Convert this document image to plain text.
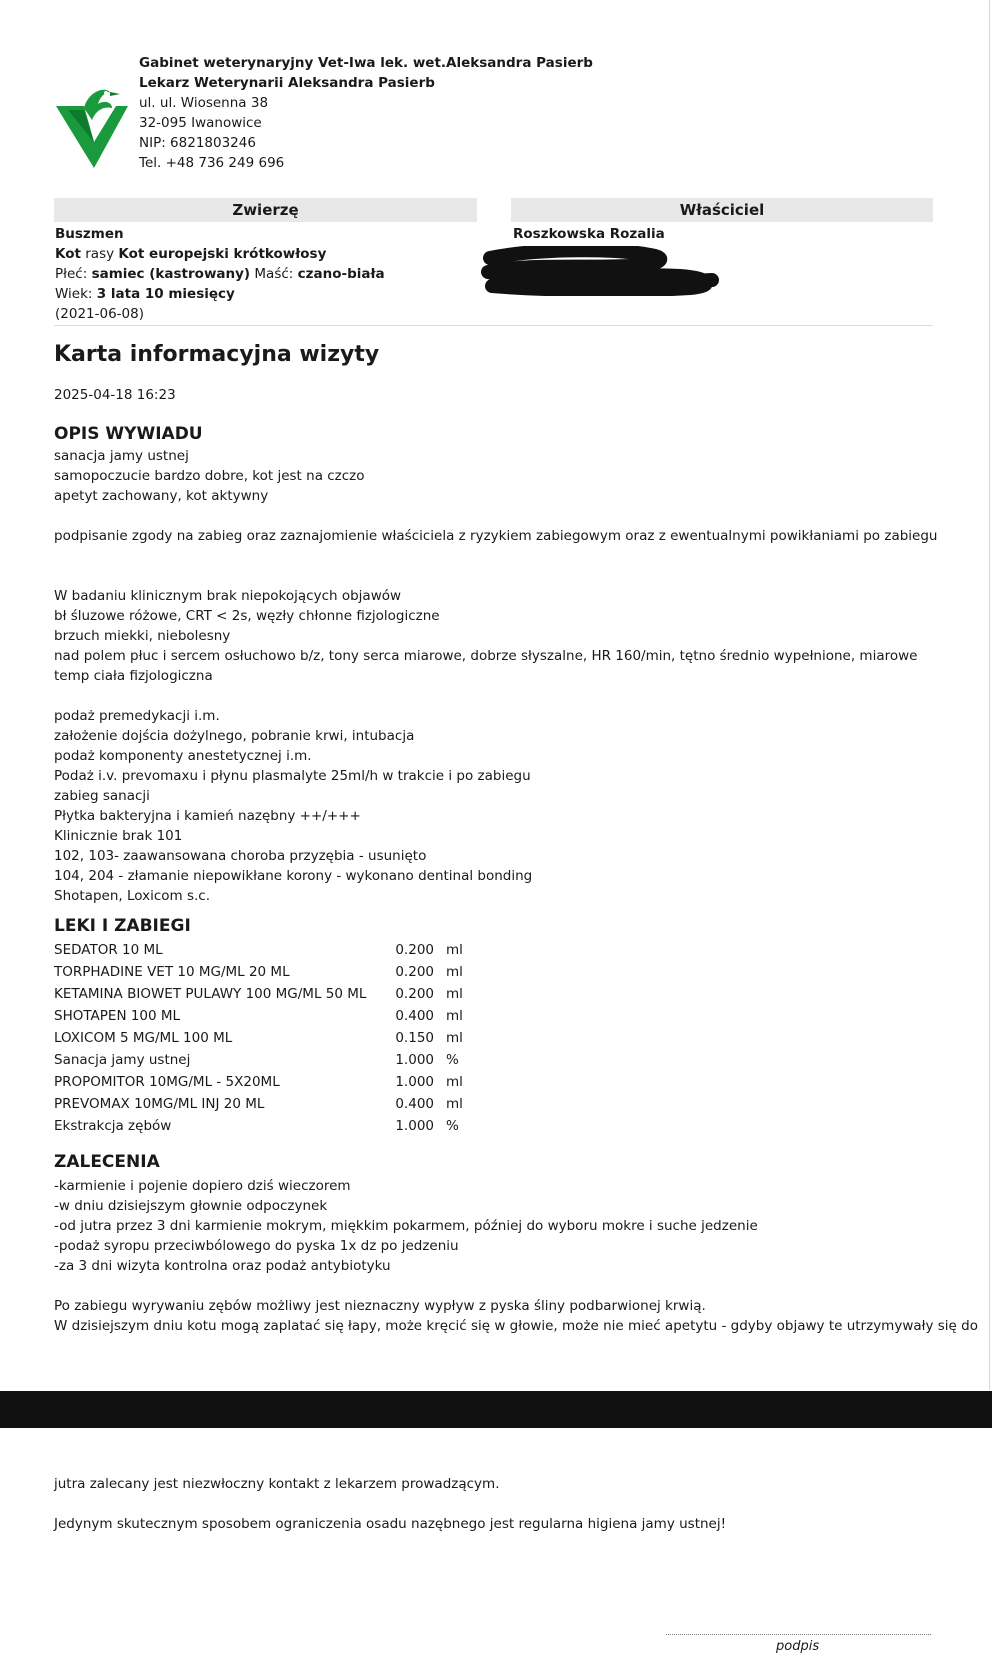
Gabinet weterynaryjny Vet-Iwa lek. wet.Aleksandra Pasierb
Lekarz Weterynarii Aleksandra Pasierb
ul. ul. Wiosenna 38
32-095 Iwanowice
NIP: 6821803246
Tel. +48 736 249 696
Zwierzę
Buszmen
Kot rasy Kot europejski krótkowłosy
Płeć: samiec (kastrowany) Maść: czano-biała
Wiek: 3 lata 10 miesięcy
(2021-06-08)
Właściciel
Roszkowska Rozalia
Karta informacyjna wizyty
2025-04-18 16:23
OPIS WYWIADU
sanacja jamy ustnej
samopoczucie bardzo dobre, kot jest na czczo
apetyt zachowany, kot aktywny

podpisanie zgody na zabieg oraz zaznajomienie właściciela z ryzykiem zabiegowym oraz z ewentualnymi powikłaniami po zabiegu

W badaniu klinicznym brak niepokojących objawów
bł śluzowe różowe, CRT < 2s, węzły chłonne fizjologiczne
brzuch miekki, niebolesny
nad polem płuc i sercem osłuchowo b/z, tony serca miarowe, dobrze słyszalne, HR 160/min, tętno średnio wypełnione, miarowe
temp ciała fizjologiczna

podaż premedykacji i.m.
założenie dojścia dożylnego, pobranie krwi, intubacja
podaż komponenty anestetycznej i.m.
Podaż i.v. prevomaxu i płynu plasmalyte 25ml/h w trakcie i po zabiegu
zabieg sanacji
Płytka bakteryjna i kamień nazębny ++/+++
Klinicznie brak 101
102, 103- zaawansowana choroba przyzębia - usunięto
104, 204 - złamanie niepowikłane korony - wykonano dentinal bonding
Shotapen, Loxicom s.c.
LEKI I ZABIEGI
SEDATOR 10 ML	0.200	ml
TORPHADINE VET 10 MG/ML 20 ML	0.200	ml
KETAMINA BIOWET PULAWY 100 MG/ML 50 ML	0.200	ml
SHOTAPEN 100 ML	0.400	ml
LOXICOM 5 MG/ML 100 ML	0.150	ml
Sanacja jamy ustnej	1.000	%
PROPOMITOR 10MG/ML - 5X20ML	1.000	ml
PREVOMAX 10MG/ML INJ 20 ML	0.400	ml
Ekstrakcja zębów	1.000	%
ZALECENIA
-karmienie i pojenie dopiero dziś wieczorem
-w dniu dzisiejszym głownie odpoczynek
-od jutra przez 3 dni karmienie mokrym, miękkim pokarmem, później do wyboru mokre i suche jedzenie
-podaż syropu przeciwbólowego do pyska 1x dz po jedzeniu
-za 3 dni wizyta kontrolna oraz podaż antybiotyku

Po zabiegu wyrywaniu zębów możliwy jest nieznaczny wypływ z pyska śliny podbarwionej krwią.
W dzisiejszym dniu kotu mogą zaplatać się łapy, może kręcić się w głowie, może nie mieć apetytu - gdyby objawy te utrzymywały się do
jutra zalecany jest niezwłoczny kontakt z lekarzem prowadzącym.

Jedynym skutecznym sposobem ograniczenia osadu nazębnego jest regularna higiena jamy ustnej!
podpis
